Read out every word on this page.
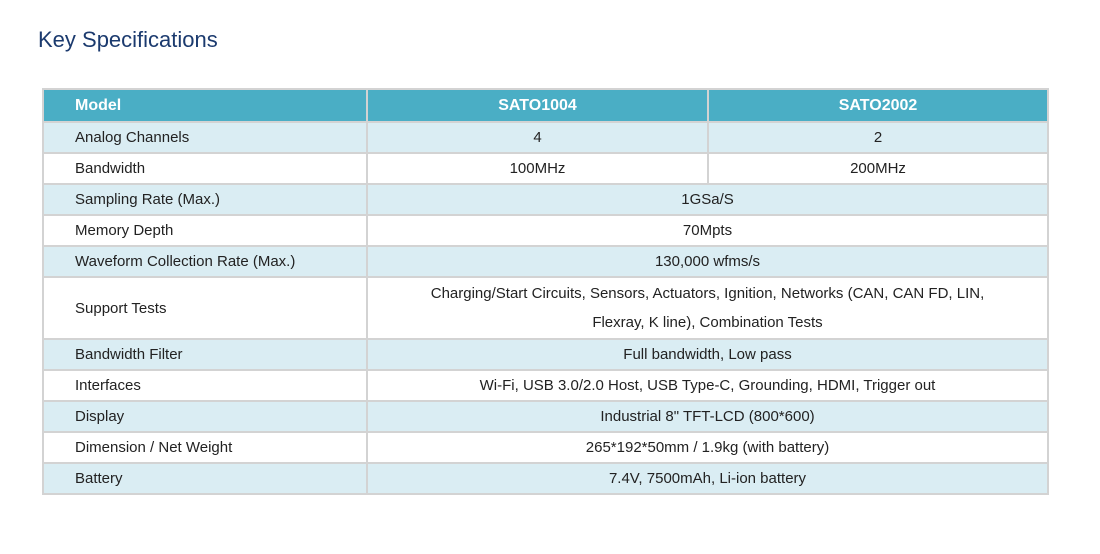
Key Specifications
Model	SATO1004	SATO2002
Analog Channels	4	2
Bandwidth	100MHz	200MHz
Sampling Rate (Max.)	1GSa/S	
Memory Depth	70Mpts	
Waveform Collection Rate (Max.)	130,000 wfms/s	
Support Tests	Charging/Start Circuits, Sensors, Actuators, Ignition, Networks (CAN, CAN FD, LIN, Flexray, K line), Combination Tests	

Bandwidth Filter	Full bandwidth, Low pass	
Interfaces	Wi-Fi, USB 3.0/2.0 Host, USB Type-C, Grounding, HDMI, Trigger out	
Display	Industrial 8" TFT-LCD (800*600)	
Dimension / Net Weight	265*192*50mm / 1.9kg (with battery)	
Battery	7.4V, 7500mAh, Li-ion battery	
